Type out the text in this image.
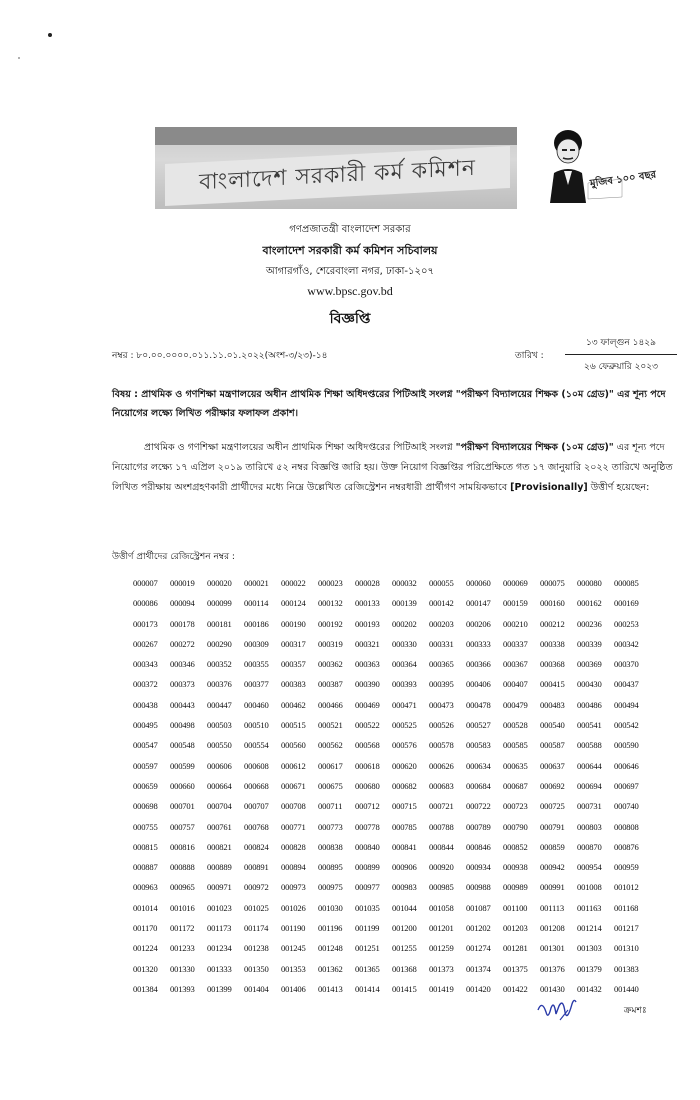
বাংলাদেশ সরকারী কর্ম কমিশন	মুজিব ১০০ বছর
গণপ্রজাতন্ত্রী বাংলাদেশ সরকার
বাংলাদেশ সরকারী কর্ম কমিশন সচিবালয়
আগারগাঁও, শেরেবাংলা নগর, ঢাকা-১২০৭
www.bpsc.gov.bd
বিজ্ঞপ্তি
নম্বর : ৮০.০০.০০০০.০১১.১১.০১.২০২২(অংশ-৩/২৩)-১৪	তারিখ :
১৩ ফাল্গুন ১৪২৯
২৬ ফেব্রুয়ারি ২০২৩
বিষয় : প্রাথমিক ও গণশিক্ষা মন্ত্রণালয়ের অধীন প্রাথমিক শিক্ষা অধিদপ্তরের পিটিআই সংলগ্ন "পরীক্ষণ বিদ্যালয়ের শিক্ষক (১০ম গ্রেড)" এর শূন্য পদে নিয়োগের লক্ষ্যে লিখিত পরীক্ষার ফলাফল প্রকাশ।
প্রাথমিক ও গণশিক্ষা মন্ত্রণালয়ের অধীন প্রাথমিক শিক্ষা অধিদপ্তরের পিটিআই সংলগ্ন "পরীক্ষণ বিদ্যালয়ের শিক্ষক (১০ম গ্রেড)" এর শূন্য পদে নিয়োগের লক্ষ্যে ১৭ এপ্রিল ২০১৯ তারিখে ৫২ নম্বর বিজ্ঞপ্তি জারি হয়। উক্ত নিয়োগ বিজ্ঞপ্তির পরিপ্রেক্ষিতে গত ১৭ জানুয়ারি ২০২২ তারিখে অনুষ্ঠিত লিখিত পরীক্ষায় অংশগ্রহণকারী প্রার্থীদের মধ্যে নিম্নে উল্লেখিত রেজিস্ট্রেশন নম্বরধারী প্রার্থীগণ সাময়িকভাবে [Provisionally] উত্তীর্ণ হয়েছেন:
উত্তীর্ণ প্রার্থীদের রেজিস্ট্রেশন নম্বর :
000007	000019	000020	000021	000022	000023	000028	000032	000055	000060	000069	000075	000080	000085
000086	000094	000099	000114	000124	000132	000133	000139	000142	000147	000159	000160	000162	000169
000173	000178	000181	000186	000190	000192	000193	000202	000203	000206	000210	000212	000236	000253
000267	000272	000290	000309	000317	000319	000321	000330	000331	000333	000337	000338	000339	000342
000343	000346	000352	000355	000357	000362	000363	000364	000365	000366	000367	000368	000369	000370
000372	000373	000376	000377	000383	000387	000390	000393	000395	000406	000407	000415	000430	000437
000438	000443	000447	000460	000462	000466	000469	000471	000473	000478	000479	000483	000486	000494
000495	000498	000503	000510	000515	000521	000522	000525	000526	000527	000528	000540	000541	000542
000547	000548	000550	000554	000560	000562	000568	000576	000578	000583	000585	000587	000588	000590
000597	000599	000606	000608	000612	000617	000618	000620	000626	000634	000635	000637	000644	000646
000659	000660	000664	000668	000671	000675	000680	000682	000683	000684	000687	000692	000694	000697
000698	000701	000704	000707	000708	000711	000712	000715	000721	000722	000723	000725	000731	000740
000755	000757	000761	000768	000771	000773	000778	000785	000788	000789	000790	000791	000803	000808
000815	000816	000821	000824	000828	000838	000840	000841	000844	000846	000852	000859	000870	000876
000887	000888	000889	000891	000894	000895	000899	000906	000920	000934	000938	000942	000954	000959
000963	000965	000971	000972	000973	000975	000977	000983	000985	000988	000989	000991	001008	001012
001014	001016	001023	001025	001026	001030	001035	001044	001058	001087	001100	001113	001163	001168
001170	001172	001173	001174	001190	001196	001199	001200	001201	001202	001203	001208	001214	001217
001224	001233	001234	001238	001245	001248	001251	001255	001259	001274	001281	001301	001303	001310
001320	001330	001333	001350	001353	001362	001365	001368	001373	001374	001375	001376	001379	001383
001384	001393	001399	001404	001406	001413	001414	001415	001419	001420	001422	001430	001432	001440
ক্রমশঃ
